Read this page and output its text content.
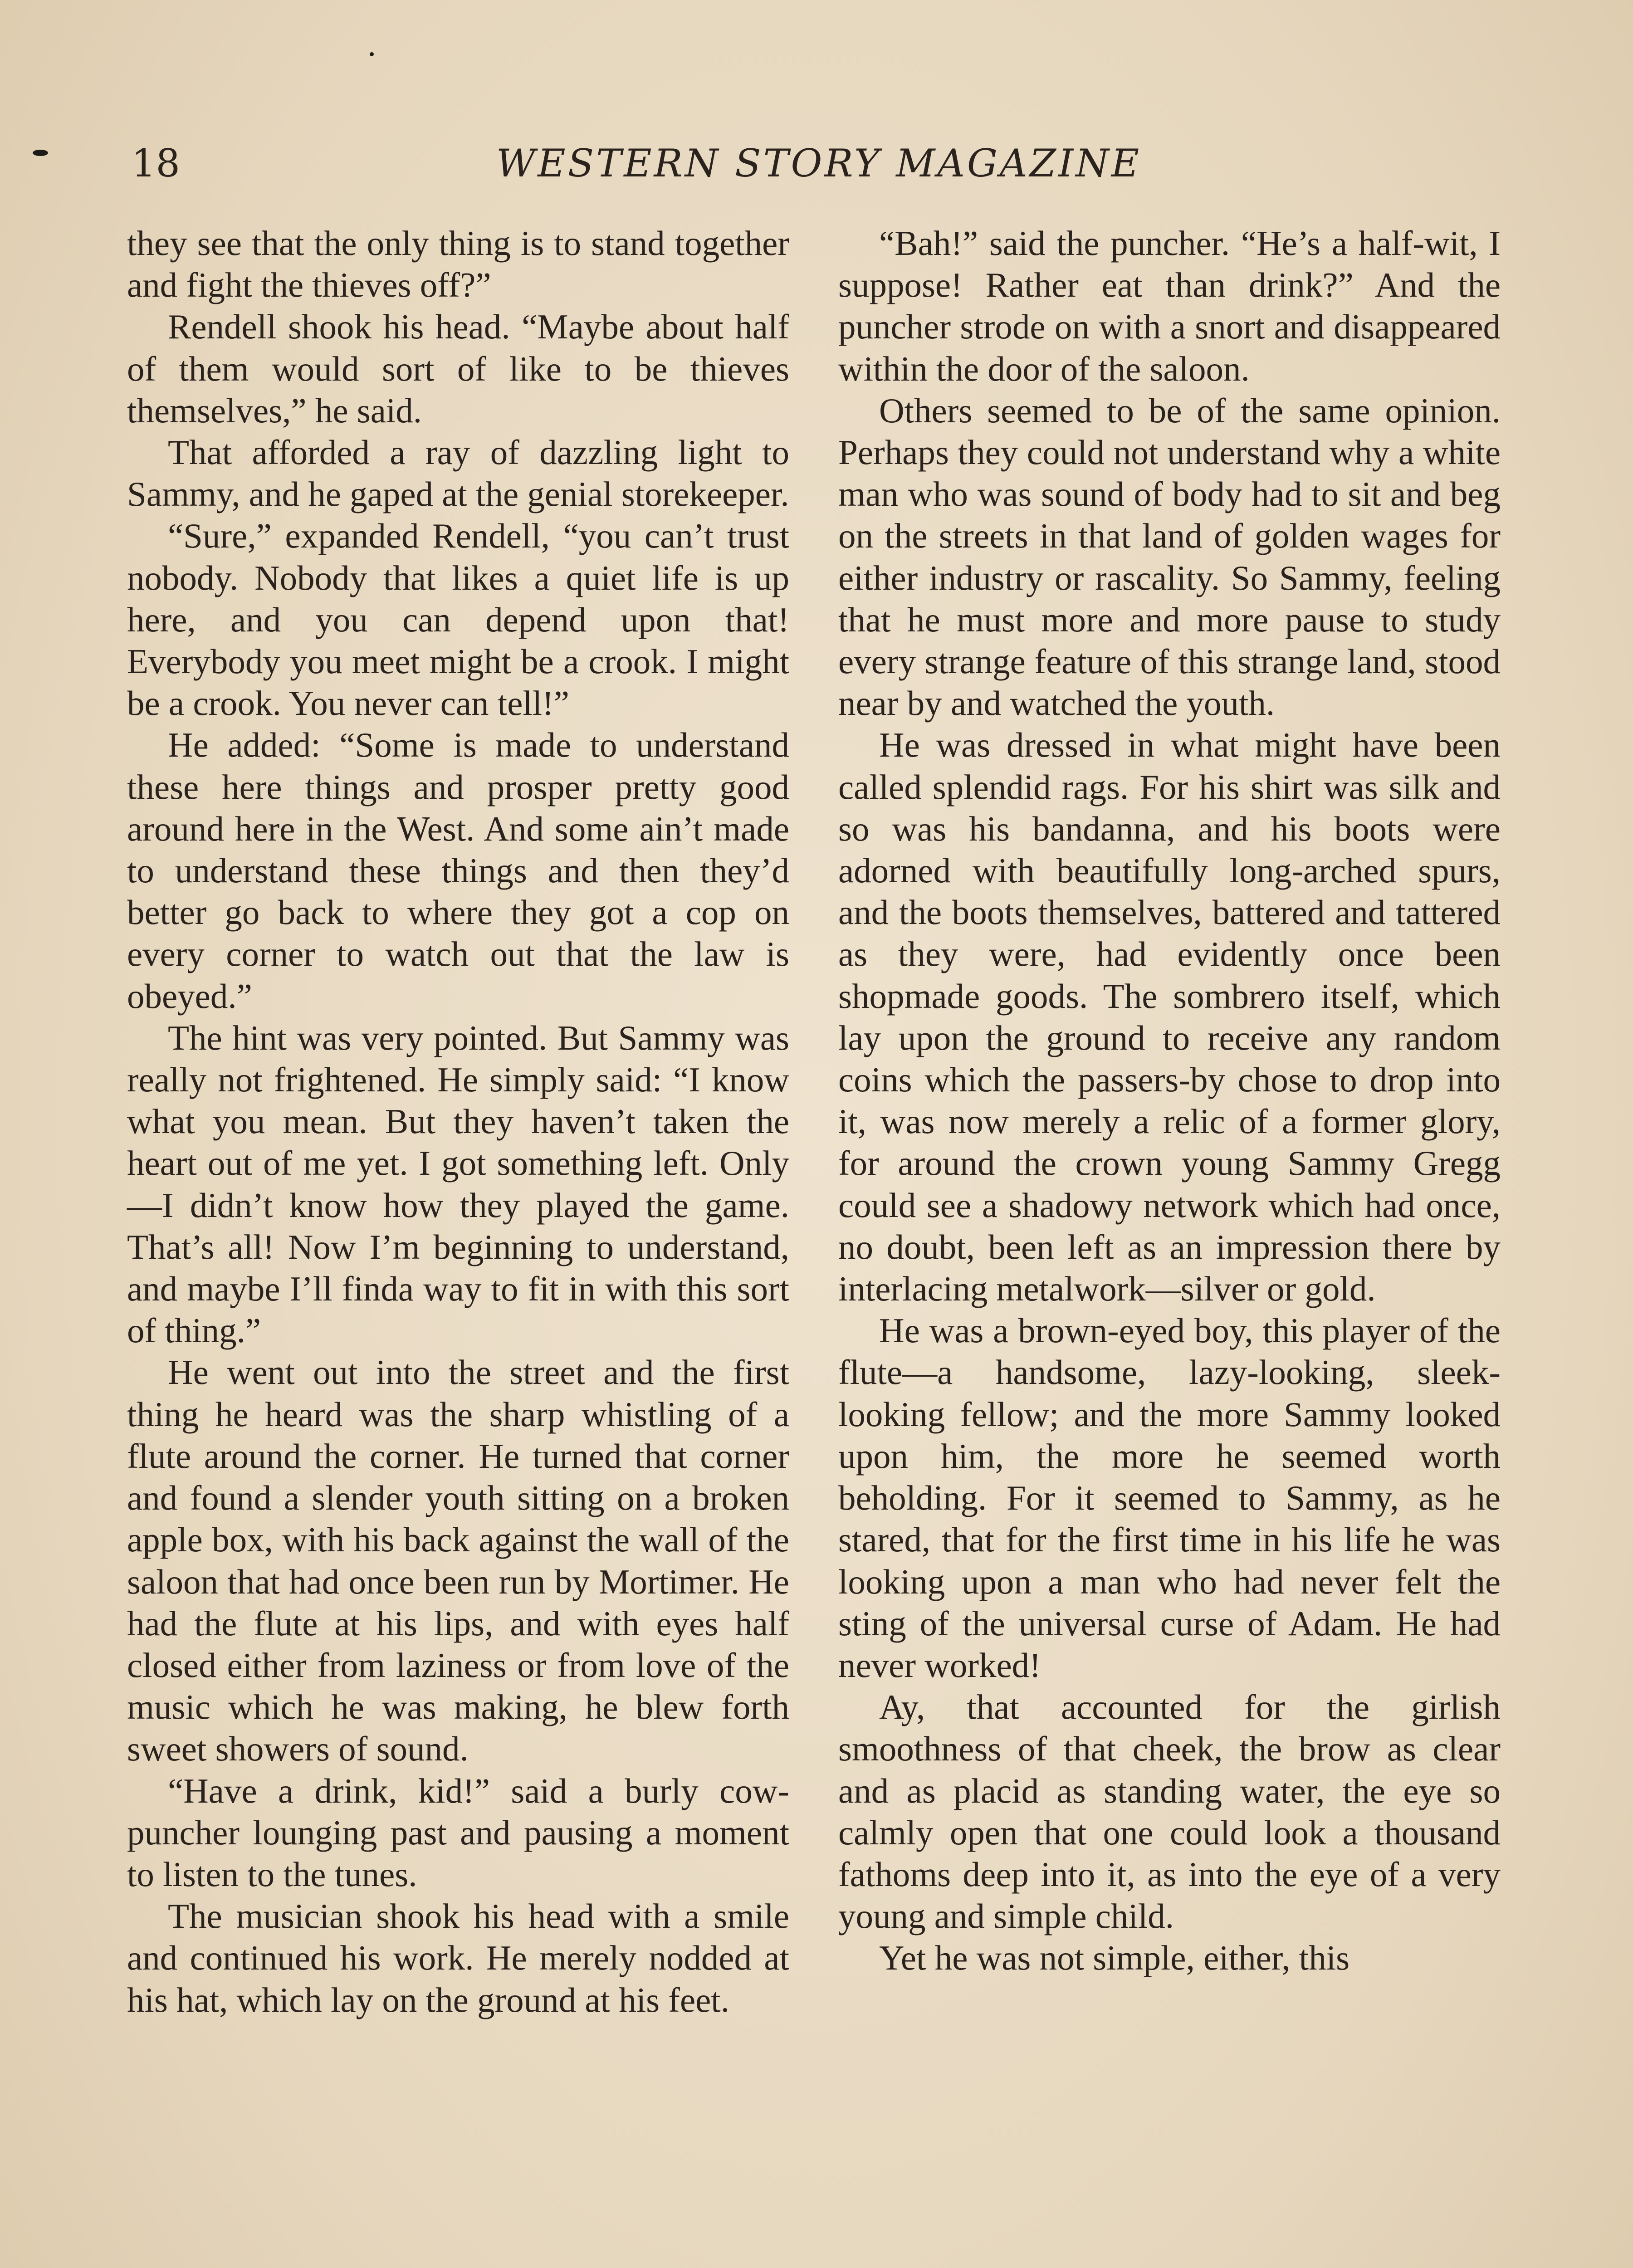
18	WESTERN STORY MAGAZINE

they see that the only thing is to stand together and fight the thieves off?”

Rendell shook his head. “Maybe about half of them would sort of like to be thieves themselves,” he said.

That afforded a ray of dazzling light to Sammy, and he gaped at the genial storekeeper.

“Sure,” expanded Rendell, “you can’t trust nobody. Nobody that likes a quiet life is up here, and you can depend upon that! Everybody you meet might be a crook. I might be a crook. You never can tell!”

He added: “Some is made to understand these here things and prosper pretty good around here in the West. And some ain’t made to understand these things and then they’d better go back to where they got a cop on every corner to watch out that the law is obeyed.”

The hint was very pointed. But Sammy was really not frightened. He simply said: “I know what you mean. But they haven’t taken the heart out of me yet. I got something left. Only—I didn’t know how they played the game. That’s all! Now I’m beginning to understand, and maybe I’ll finda way to fit in with this sort of thing.”

He went out into the street and the first thing he heard was the sharp whistling of a flute around the corner. He turned that corner and found a slender youth sitting on a broken apple box, with his back against the wall of the saloon that had once been run by Mortimer. He had the flute at his lips, and with eyes half closed either from laziness or from love of the music which he was making, he blew forth sweet showers of sound.

“Have a drink, kid!” said a burly cow-puncher lounging past and pausing a moment to listen to the tunes.

The musician shook his head with a smile and continued his work. He merely nodded at his hat, which lay on the ground at his feet.

“Bah!” said the puncher. “He’s a half-wit, I suppose! Rather eat than drink?” And the puncher strode on with a snort and disappeared within the door of the saloon.

Others seemed to be of the same opinion. Perhaps they could not understand why a white man who was sound of body had to sit and beg on the streets in that land of golden wages for either industry or rascality. So Sammy, feeling that he must more and more pause to study every strange feature of this strange land, stood near by and watched the youth.

He was dressed in what might have been called splendid rags. For his shirt was silk and so was his bandanna, and his boots were adorned with beautifully long-arched spurs, and the boots themselves, battered and tattered as they were, had evidently once been shopmade goods. The sombrero itself, which lay upon the ground to receive any random coins which the passers-by chose to drop into it, was now merely a relic of a former glory, for around the crown young Sammy Gregg could see a shadowy network which had once, no doubt, been left as an impression there by interlacing metalwork—silver or gold.

He was a brown-eyed boy, this player of the flute—a handsome, lazy-looking, sleek-looking fellow; and the more Sammy looked upon him, the more he seemed worth beholding. For it seemed to Sammy, as he stared, that for the first time in his life he was looking upon a man who had never felt the sting of the universal curse of Adam. He had never worked!

Ay, that accounted for the girlish smoothness of that cheek, the brow as clear and as placid as standing water, the eye so calmly open that one could look a thousand fathoms deep into it, as into the eye of a very young and simple child.

Yet he was not simple, either, this
